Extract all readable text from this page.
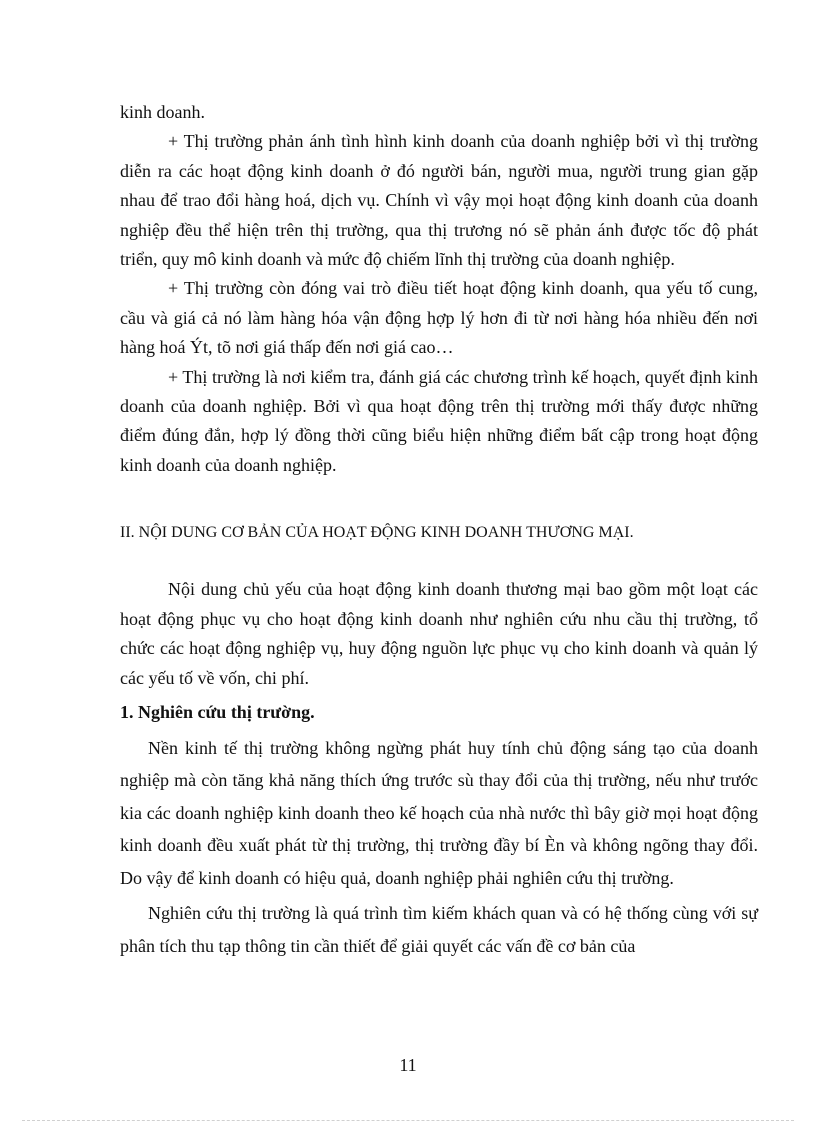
kinh doanh.

+ Thị trường phản ánh tình hình kinh doanh của doanh nghiệp bởi vì thị trường diễn ra các hoạt động kinh doanh ở đó người bán, người mua, người trung gian gặp nhau để trao đổi hàng hoá, dịch vụ. Chính vì vậy mọi hoạt động kinh doanh của doanh nghiệp đều thể hiện trên thị trường, qua thị trương nó sẽ phản ánh được tốc độ phát triển, quy mô kinh doanh và mức độ chiếm lĩnh thị trường của doanh nghiệp.

+ Thị trường còn đóng vai trò điều tiết hoạt động kinh doanh, qua yếu tố cung, cầu và giá cả nó làm hàng hóa vận động hợp lý hơn đi từ nơi hàng hóa nhiều đến nơi hàng hoá Ýt, tõ nơi giá thấp đến nơi giá cao…

+ Thị trường là nơi kiểm tra, đánh giá các chương trình kế hoạch, quyết định kinh doanh của doanh nghiệp. Bởi vì qua hoạt động trên thị trường mới thấy được những điểm đúng đắn, hợp lý đồng thời cũng biểu hiện những điểm bất cập trong hoạt động kinh doanh của doanh nghiệp.

II. NỘI DUNG CƠ BẢN CỦA HOẠT ĐỘNG KINH DOANH THƯƠNG MẠI.

Nội dung chủ yếu của hoạt động kinh doanh thương mại bao gồm một loạt các hoạt động phục vụ cho hoạt động kinh doanh như nghiên cứu nhu cầu thị trường, tổ chức các hoạt động nghiệp vụ, huy động nguồn lực phục vụ cho kinh doanh và quản lý các yếu tố về vốn, chi phí.

1. Nghiên cứu thị trường.

Nền kinh tế thị trường không ngừng phát huy tính chủ động sáng tạo của doanh nghiệp mà còn tăng khả năng thích ứng trước sù thay đổi của thị trường, nếu như trước kia các doanh nghiệp kinh doanh theo kế hoạch của nhà nước thì bây giờ mọi hoạt động kinh doanh đều xuất phát từ thị trường, thị trường đầy bí Èn và không ngõng thay đổi. Do vậy để kinh doanh có hiệu quả, doanh nghiệp phải nghiên cứu thị trường.

Nghiên cứu thị trường là quá trình tìm kiếm khách quan và có hệ thống cùng với sự phân tích thu tạp thông tin cần thiết để giải quyết các vấn đề cơ bản của

11
